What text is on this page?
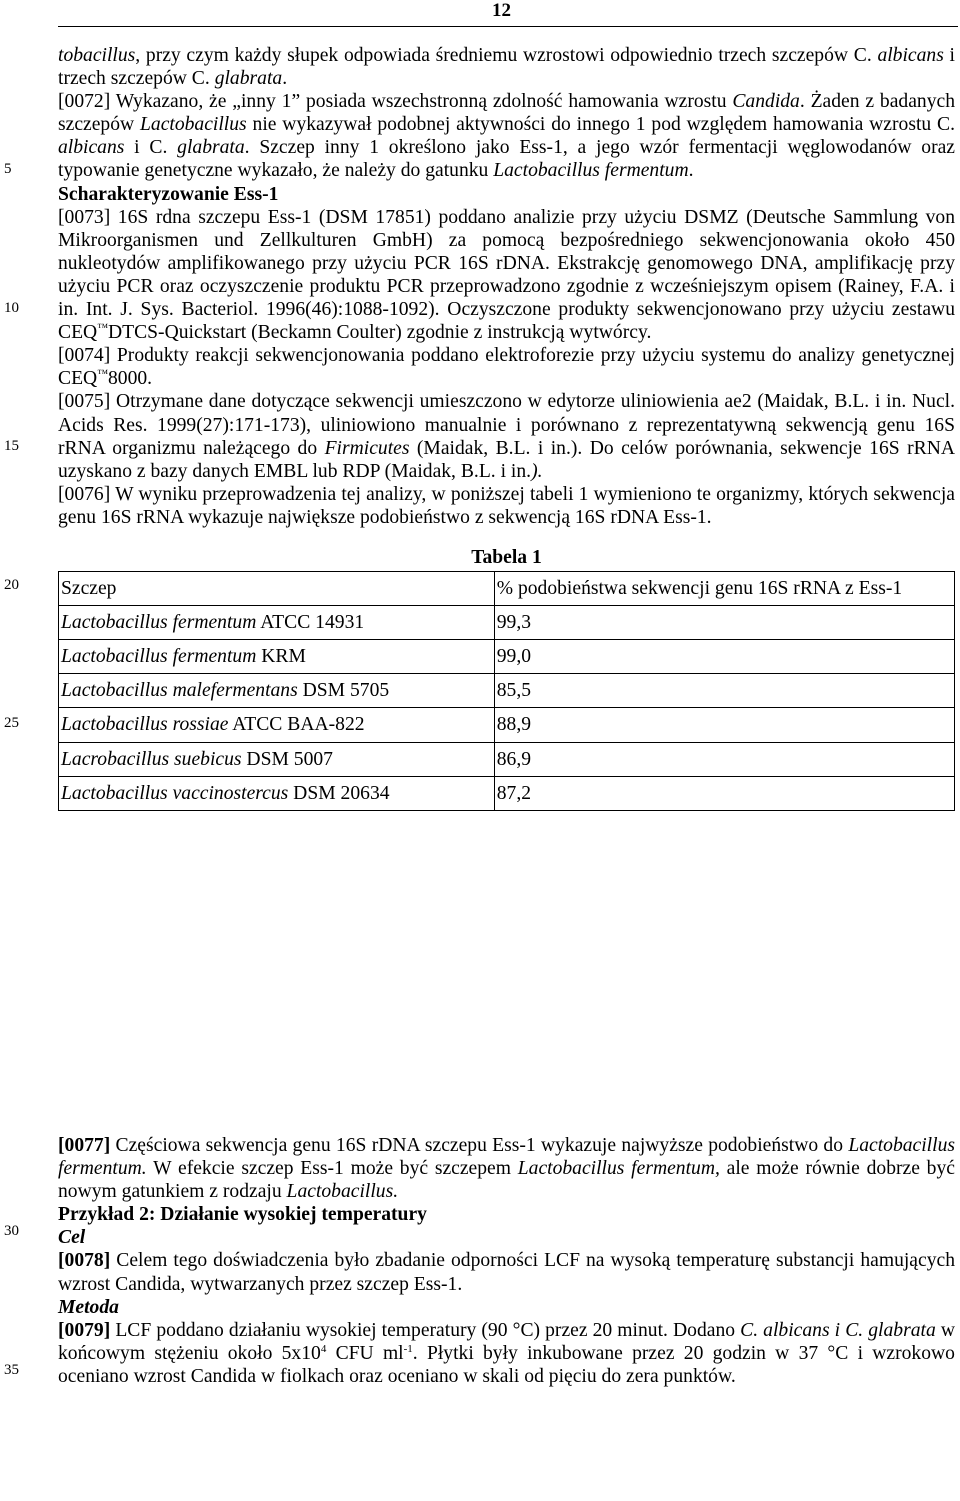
12
5
10
15
20
25
30
35

tobacillus, przy czym każdy słupek odpowiada średniemu wzrostowi odpowiednio trzech szczepów C. albicans i trzech szczepów C. glabrata.

[0072] Wykazano, że „inny 1” posiada wszechstronną zdolność hamowania wzrostu Candida. Żaden z badanych szczepów Lactobacillus nie wykazywał podobnej aktywności do innego 1 pod względem hamowania wzrostu C. albicans i C. glabrata. Szczep inny 1 określono jako Ess-1, a jego wzór fermentacji węglowodanów oraz typowanie genetyczne wykazało, że należy do gatunku Lactobacillus fermentum.

Scharakteryzowanie Ess-1

[0073] 16S rdna szczepu Ess-1 (DSM 17851) poddano analizie przy użyciu DSMZ (Deutsche Sammlung von Mikroorganismen und Zellkulturen GmbH) za pomocą bezpośredniego sekwencjonowania około 450 nukleotydów amplifikowanego przy użyciu PCR 16S rDNA. Ekstrakcję genomowego DNA, amplifikację przy użyciu PCR oraz oczyszczenie produktu PCR przeprowadzono zgodnie z wcześniejszym opisem (Rainey, F.A. i in. Int. J. Sys. Bacteriol. 1996(46):1088-1092). Oczyszczone produkty sekwencjonowano przy użyciu zestawu CEQ™DTCS-Quickstart (Beckamn Coulter) zgodnie z instrukcją wytwórcy.

[0074] Produkty reakcji sekwencjonowania poddano elektroforezie przy użyciu systemu do analizy genetycznej CEQ™8000.

[0075] Otrzymane dane dotyczące sekwencji umieszczono w edytorze uliniowienia ae2 (Maidak, B.L. i in. Nucl. Acids Res. 1999(27):171-173), uliniowiono manualnie i porównano z reprezentatywną sekwencją genu 16S rRNA organizmu należącego do Firmicutes (Maidak, B.L. i in.). Do celów porównania, sekwencje 16S rRNA uzyskano z bazy danych EMBL lub RDP (Maidak, B.L. i in.).

[0076] W wyniku przeprowadzenia tej analizy, w poniższej tabeli 1 wymieniono te organizmy, których sekwencja genu 16S rRNA wykazuje największe podobieństwo z sekwencją 16S rDNA Ess-1.

Tabela 1
Szczep	% podobieństwa sekwencji genu 16S rRNA z Ess-1
Lactobacillus fermentum ATCC 14931	99,3
Lactobacillus fermentum KRM	99,0
Lactobacillus malefermentans DSM 5705	85,5
Lactobacillus rossiae ATCC BAA-822	88,9
Lacrobacillus suebicus DSM 5007	86,9
Lactobacillus vaccinostercus DSM 20634	87,2

[0077] Częściowa sekwencja genu 16S rDNA szczepu Ess-1 wykazuje najwyższe podobieństwo do Lactobacillus fermentum. W efekcie szczep Ess-1 może być szczepem Lactobacillus fermentum, ale może równie dobrze być nowym gatunkiem z rodzaju Lactobacillus.

Przykład 2: Działanie wysokiej temperatury

Cel

[0078] Celem tego doświadczenia było zbadanie odporności LCF na wysoką temperaturę substancji hamujących wzrost Candida, wytwarzanych przez szczep Ess-1.

Metoda

[0079] LCF poddano działaniu wysokiej temperatury (90 °C) przez 20 minut. Dodano C. albicans i C. glabrata w końcowym stężeniu około $5x10^4$ CFU $ml^{-1}$. Płytki były inkubowane przez 20 godzin w 37 °C i wzrokowo oceniano wzrost Candida w fiolkach oraz oceniano w skali od pięciu do zera punktów.
